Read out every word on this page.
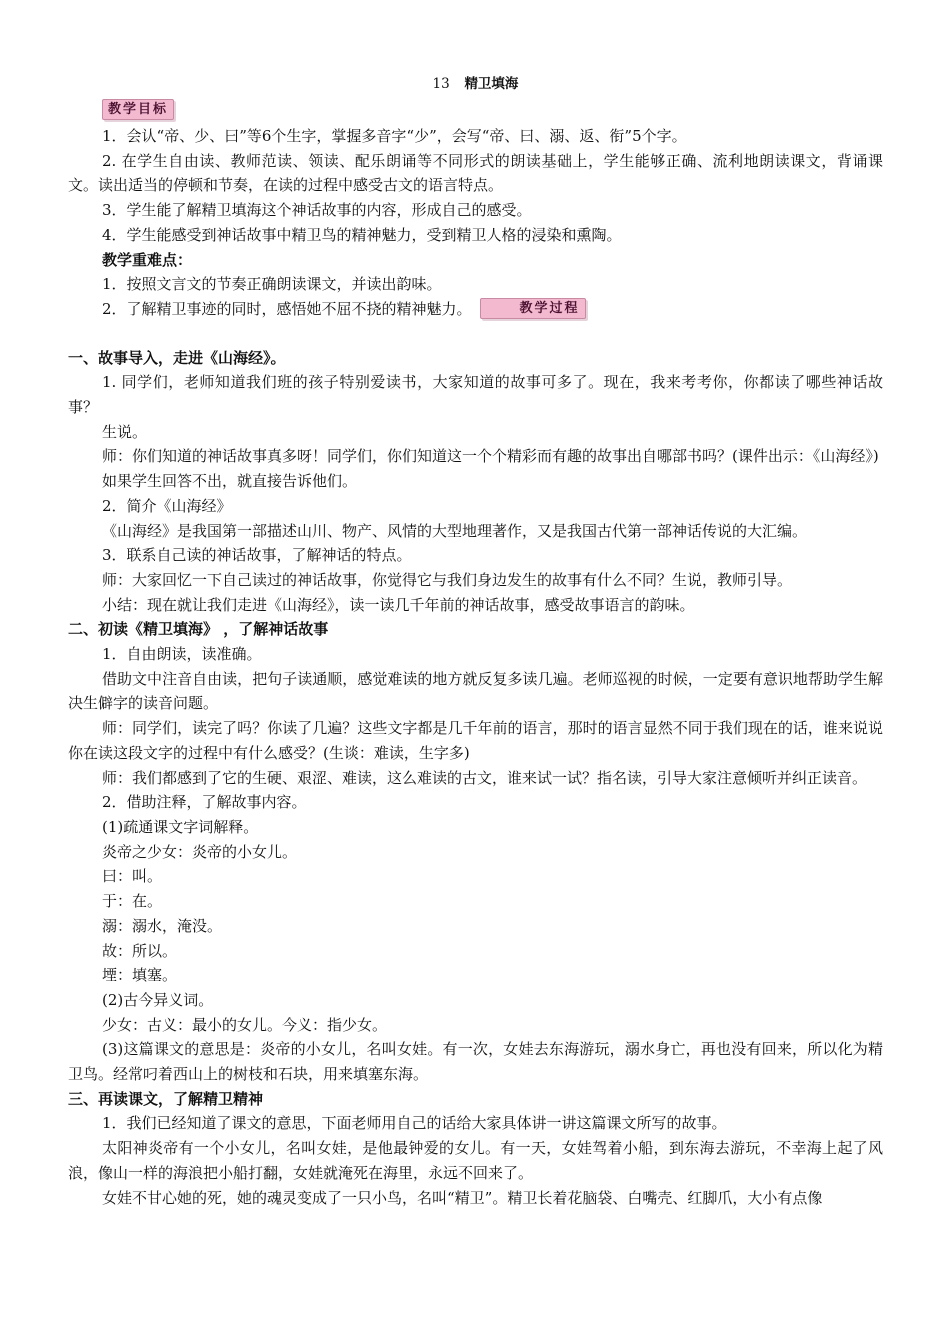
13 精卫填海
教学目标

1．会认“帝、少、曰”等6个生字，掌握多音字“少”，会写“帝、曰、溺、返、衔”5个字。

2. 在学生自由读、教师范读、领读、配乐朗诵等不同形式的朗读基础上，学生能够正确、流利地朗读课文，背诵课文。读出适当的停顿和节奏，在读的过程中感受古文的语言特点。

3．学生能了解精卫填海这个神话故事的内容，形成自己的感受。

4．学生能感受到神话故事中精卫鸟的精神魅力，受到精卫人格的浸染和熏陶。

教学重难点：

1．按照文言文的节奏正确朗读课文，并读出韵味。

2．了解精卫事迹的同时，感悟她不屈不挠的精神魅力。	教学过程

一、故事导入，走进《山海经》。

1. 同学们，老师知道我们班的孩子特别爱读书，大家知道的故事可多了。现在，我来考考你，你都读了哪些神话故事？

生说。

师：你们知道的神话故事真多呀！同学们，你们知道这一个个精彩而有趣的故事出自哪部书吗？(课件出示：《山海经》)

如果学生回答不出，就直接告诉他们。

2．简介《山海经》

《山海经》是我国第一部描述山川、物产、风情的大型地理著作，又是我国古代第一部神话传说的大汇编。

3．联系自己读的神话故事，了解神话的特点。

师：大家回忆一下自己读过的神话故事，你觉得它与我们身边发生的故事有什么不同？生说，教师引导。

小结：现在就让我们走进《山海经》，读一读几千年前的神话故事，感受故事语言的韵味。

二、初读《精卫填海》 ，了解神话故事

1．自由朗读，读准确。

借助文中注音自由读，把句子读通顺，感觉难读的地方就反复多读几遍。老师巡视的时候，一定要有意识地帮助学生解决生僻字的读音问题。

师：同学们，读完了吗？你读了几遍？这些文字都是几千年前的语言，那时的语言显然不同于我们现在的话，谁来说说你在读这段文字的过程中有什么感受？(生谈：难读，生字多)

师：我们都感到了它的生硬、艰涩、难读，这么难读的古文，谁来试一试？指名读，引导大家注意倾听并纠正读音。

2．借助注释，了解故事内容。

(1)疏通课文字词解释。

炎帝之少女：炎帝的小女儿。

曰：叫。

于：在。

溺：溺水，淹没。

故：所以。

堙：填塞。

(2)古今异义词。

少女：古义：最小的女儿。今义：指少女。

(3)这篇课文的意思是：炎帝的小女儿，名叫女娃。有一次，女娃去东海游玩，溺水身亡，再也没有回来，所以化为精卫鸟。经常叼着西山上的树枝和石块，用来填塞东海。

三、再读课文，了解精卫精神

1．我们已经知道了课文的意思，下面老师用自己的话给大家具体讲一讲这篇课文所写的故事。

太阳神炎帝有一个小女儿，名叫女娃，是他最钟爱的女儿。有一天，女娃驾着小船，到东海去游玩，不幸海上起了风浪，像山一样的海浪把小船打翻，女娃就淹死在海里，永远不回来了。

女娃不甘心她的死，她的魂灵变成了一只小鸟，名叫“精卫”。精卫长着花脑袋、白嘴壳、红脚爪，大小有点像
